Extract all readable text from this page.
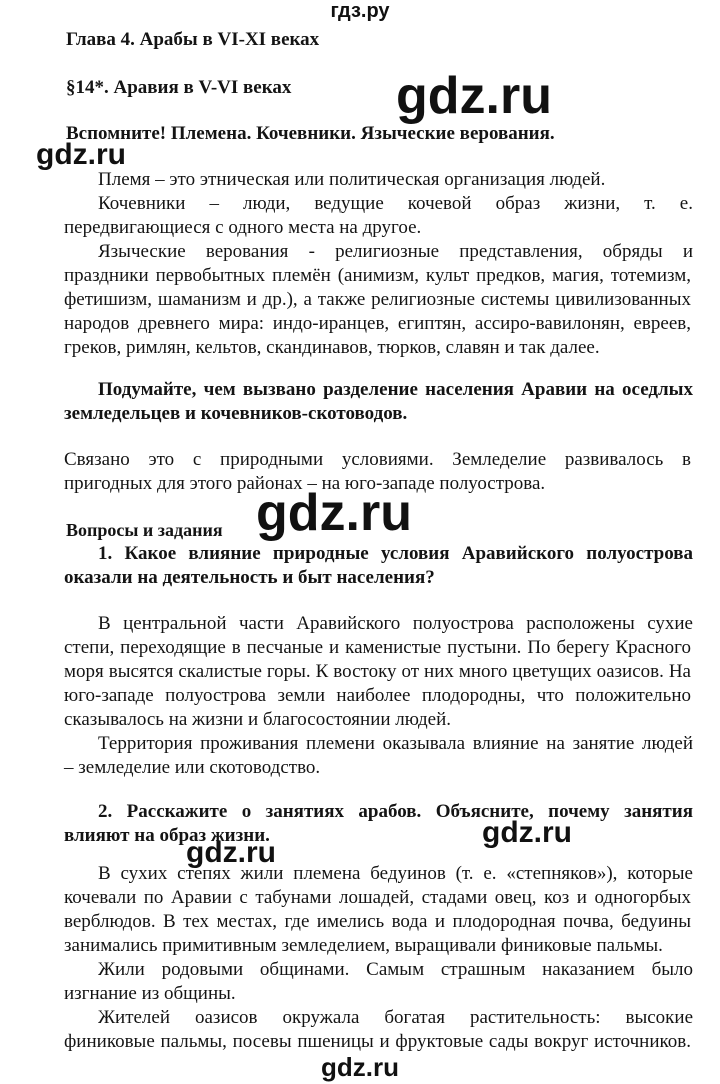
гдз.ру
Глава 4. Арабы в VI-XI веках
§14*. Аравия в V-VI веках
Вспомните! Племена. Кочевники. Языческие верования.
Племя – это этническая или политическая организация людей.
Кочевники – люди, ведущие кочевой образ жизни, т. е.
передвигающиеся с одного места на другое.
Языческие верования - религиозные представления, обряды и
праздники первобытных племён (анимизм, культ предков, магия, тотемизм,
фетишизм, шаманизм и др.), а также религиозные системы цивилизованных
народов древнего мира: индо-иранцев, египтян, ассиро-вавилонян, евреев,
греков, римлян, кельтов, скандинавов, тюрков, славян и так далее.
Подумайте, чем вызвано разделение населения Аравии на оседлых
земледельцев и кочевников-скотоводов.
Связано это с природными условиями. Земледелие развивалось в
пригодных для этого районах – на юго-западе полуострова.
Вопросы и задания
1. Какое влияние природные условия Аравийского полуострова
оказали на деятельность и быт населения?
В центральной части Аравийского полуострова расположены сухие
степи, переходящие в песчаные и каменистые пустыни. По берегу Красного
моря высятся скалистые горы. К востоку от них много цветущих оазисов. На
юго-западе полуострова земли наиболее плодородны, что положительно
сказывалось на жизни и благосостоянии людей.
Территория проживания племени оказывала влияние на занятие людей
– земледелие или скотоводство.
2. Расскажите о занятиях арабов. Объясните, почему занятия
влияют на образ жизни.
В сухих степях жили племена бедуинов (т. е. «степняков»), которые
кочевали по Аравии с табунами лошадей, стадами овец, коз и одногорбых
верблюдов. В тех местах, где имелись вода и плодородная почва, бедуины
занимались примитивным земледелием, выращивали финиковые пальмы.
Жили родовыми общинами. Самым страшным наказанием было
изгнание из общины.
Жителей оазисов окружала богатая растительность: высокие
финиковые пальмы, посевы пшеницы и фруктовые сады вокруг источников.
gdz.ru
gdz.ru
gdz.ru
gdz.ru
gdz.ru
gdz.ru
